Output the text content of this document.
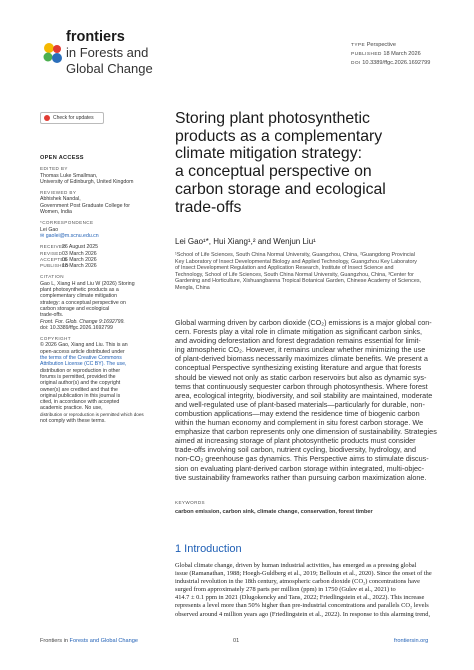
frontiers
in Forests and
Global Change
TYPE Perspective
PUBLISHED 18 March 2026
DOI 10.3389/ffgc.2026.1692799
Check for updates
OPEN ACCESS
EDITED BY
Thomas Luke Smallman,
University of Edinburgh, United Kingdom
REVIEWED BY
Abhishek Nandal,
Government Post Graduate College for
Women, India
*CORRESPONDENCE
Lei Gao
✉ gaolei@m.scnu.edu.cn
RECEIVED
26 August 2025
REVISED 03 March 2026
ACCEPTED
06 March 2026
PUBLISHED
18 March 2026
CITATION
Gao L, Xiang H and Liu W (2026) Storing
plant photosynthetic products as a
complementary climate mitigation
strategy: a conceptual perspective on
carbon storage and ecological
trade-offs.
Front. For. Glob. Change 9:1692799.
doi: 10.3389/ffgc.2026.1692799
COPYRIGHT
© 2026 Gao, Xiang and Liu. This is an
open-access article distributed under
the terms of the Creative Commons
Attribution License (CC BY). The use,
distribution or reproduction in other
forums is permitted, provided the
original author(s) and the copyright
owner(s) are credited and that the
original publication in this journal is
cited, in accordance with accepted
academic practice. No use,
distribution or reproduction is permitted which does
not comply with these terms.
Storing plant photosynthetic
products as a complementary
climate mitigation strategy:
a conceptual perspective on
carbon storage and ecological
trade-offs
Lei Gao¹*, Hui Xiang¹,² and Wenjun Liu¹
¹School of Life Sciences, South China Normal University, Guangzhou, China, ²Guangdong Provincial
Key Laboratory of Insect Developmental Biology and Applied Technology, Guangzhou Key Laboratory
of Insect Development Regulation and Application Research, Institute of Insect Science and
Technology, School of Life Sciences, South China Normal University, Guangzhou, China, ³Center for
Gardening and Horticulture, Xishuangbanna Tropical Botanical Garden, Chinese Academy of Sciences,
Mengla, China
Global warming driven by carbon dioxide (CO₂) emissions is a major global con-
cern. Forests play a vital role in climate mitigation as significant carbon sinks,
and avoiding deforestation and forest degradation remains essential for limit-
ing atmospheric CO₂. However, it remains unclear whether minimizing the use
of plant-derived biomass necessarily maximizes climate benefits. We present a
conceptual Perspective synthesizing existing literature and argue that forests
should be viewed not only as static carbon reservoirs but also as dynamic sys-
tems that continuously sequester carbon through photosynthesis. Where forest
area, ecological integrity, biodiversity, and soil stability are maintained, moderate
and well-regulated use of plant-based materials—particularly for durable, non-
combustion applications—may extend the residence time of biogenic carbon
within the human economy and complement in situ forest carbon storage. We
emphasize that carbon represents only one dimension of sustainability. Strategies
aimed at increasing storage of plant photosynthetic products must consider
trade-offs involving soil carbon, nutrient cycling, biodiversity, hydrology, and
non-CO₂ greenhouse gas dynamics. This Perspective aims to stimulate discus-
sion on evaluating plant-derived carbon storage within integrated, multi-objec-
tive sustainability frameworks rather than pursuing carbon maximization alone.
KEYWORDS
carbon emission, carbon sink, climate change, conservation, forest timber
1 Introduction
Global climate change, driven by human industrial activities, has emerged as a pressing global
issue (Ramanathan, 1988; Hoegh-Guldberg et al., 2019; Bellouin et al., 2020). Since the onset of the
industrial revolution in the 18th century, atmospheric carbon dioxide (CO₂) concentrations have
surged from approximately 278 parts per million (ppm) in 1750 (Gulev et al., 2021) to
414.7 ± 0.1 ppm in 2021 (Dlugokencky and Tans, 2022; Friedlingstein et al., 2022). This increase
represents a level more than 50% higher than pre-industrial concentrations and parallels CO₂ levels
observed around 4 million years ago (Friedlingstein et al., 2022). In response to this alarming trend,
Frontiers in Forests and Global Change	01	frontiersin.org
